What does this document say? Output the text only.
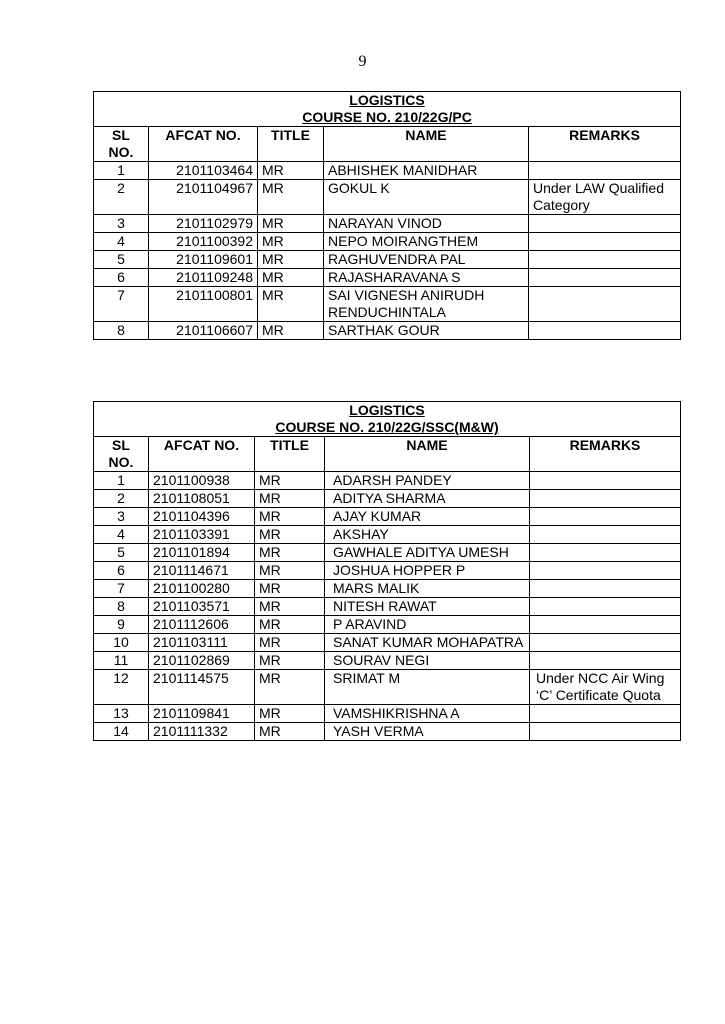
9
LOGISTICS
COURSE NO. 210/22G/PC				

SL NO.	AFCAT NO.	TITLE	NAME	REMARKS
1	2101103464	MR	ABHISHEK MANIDHAR	
2	2101104967	MR	GOKUL K	Under LAW Qualified Category
3	2101102979	MR	NARAYAN VINOD	
4	2101100392	MR	NEPO MOIRANGTHEM	
5	2101109601	MR	RAGHUVENDRA PAL	
6	2101109248	MR	RAJASHARAVANA S	
7	2101100801	MR	SAI VIGNESH ANIRUDH RENDUCHINTALA	
8	2101106607	MR	SARTHAK GOUR	
LOGISTICS
COURSE NO. 210/22G/SSC(M&W)				

SL NO.	AFCAT NO.	TITLE	NAME	REMARKS
1	2101100938	MR	ADARSH PANDEY	
2	2101108051	MR	ADITYA SHARMA	
3	2101104396	MR	AJAY KUMAR	
4	2101103391	MR	AKSHAY	
5	2101101894	MR	GAWHALE ADITYA UMESH	
6	2101114671	MR	JOSHUA HOPPER P	
7	2101100280	MR	MARS MALIK	
8	2101103571	MR	NITESH RAWAT	
9	2101112606	MR	P ARAVIND	
10	2101103111	MR	SANAT KUMAR MOHAPATRA	
11	2101102869	MR	SOURAV NEGI	
12	2101114575	MR	SRIMAT M	Under NCC Air Wing ‘C’ Certificate Quota
13	2101109841	MR	VAMSHIKRISHNA A	
14	2101111332	MR	YASH VERMA	
